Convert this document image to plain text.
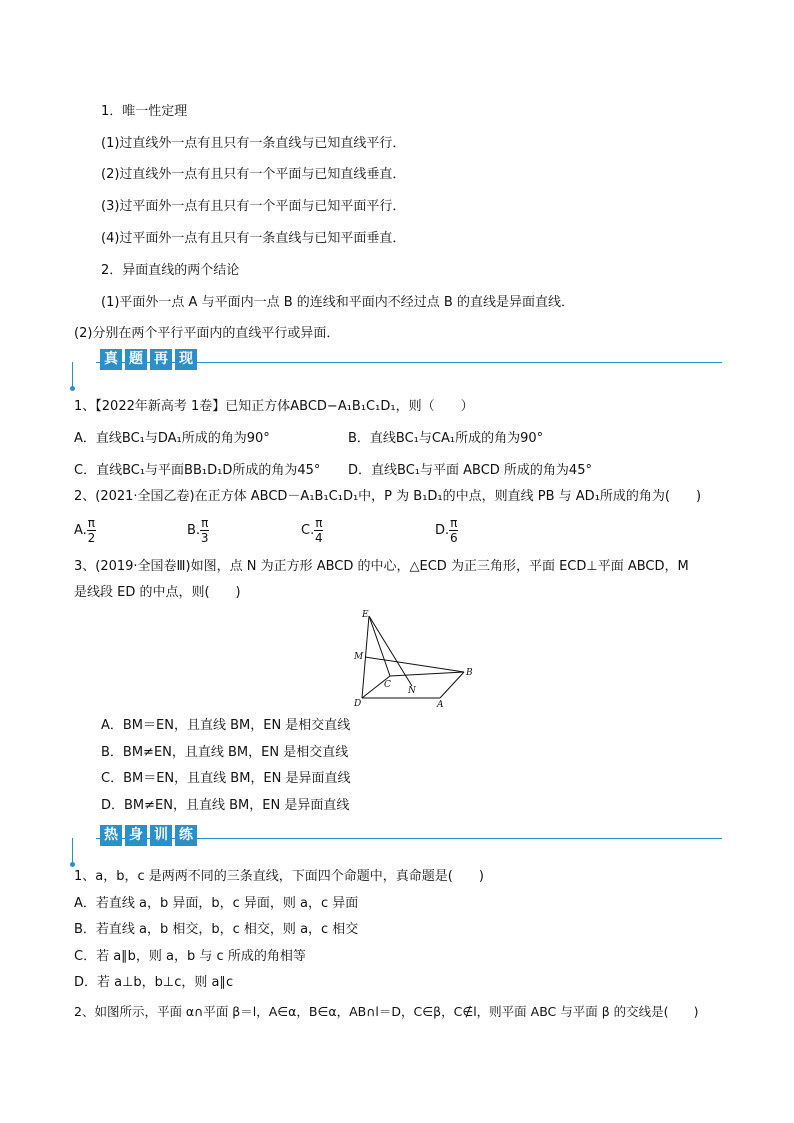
1．唯一性定理
(1)过直线外一点有且只有一条直线与已知直线平行．
(2)过直线外一点有且只有一个平面与已知直线垂直．
(3)过平面外一点有且只有一个平面与已知平面平行．
(4)过平面外一点有且只有一条直线与已知平面垂直．
2．异面直线的两个结论
(1)平面外一点 A 与平面内一点 B 的连线和平面内不经过点 B 的直线是异面直线．
(2)分别在两个平行平面内的直线平行或异面．
真 题 再 现
1、【2022年新高考 1卷】已知正方体ABCD−A₁B₁C₁D₁，则（　　）
A．直线BC₁与DA₁所成的角为90°	B．直线BC₁与CA₁所成的角为90°
C．直线BC₁与平面BB₁D₁D所成的角为45° D．直线BC₁与平面 ABCD 所成的角为45°
2、(2021·全国乙卷)在正方体 ABCD－A₁B₁C₁D₁中，P 为 B₁D₁的中点，则直线 PB 与 AD₁所成的角为(　　)
A. $\frac{\pi}{2}$	B. $\frac{\pi}{3}$	C. $\frac{\pi}{4}$	D. $\frac{\pi}{6}$
3、(2019·全国卷Ⅲ)如图，点 N 为正方形 ABCD 的中心，△ECD 为正三角形，平面 ECD⊥平面 ABCD，M
是线段 ED 的中点，则(　　)
E
M
C
N
B
D	A
A．BM＝EN，且直线 BM，EN 是相交直线
B．BM≠EN，且直线 BM，EN 是相交直线
C．BM＝EN，且直线 BM，EN 是异面直线
D．BM≠EN，且直线 BM，EN 是异面直线
热 身 训 练
1、a，b，c 是两两不同的三条直线，下面四个命题中，真命题是(　　)
A．若直线 a，b 异面，b，c 异面，则 a，c 异面
B．若直线 a，b 相交，b，c 相交，则 a，c 相交
C．若 a∥b，则 a，b 与 c 所成的角相等
D．若 a⊥b，b⊥c，则 a∥c
2、如图所示，平面 α∩平面 β＝l，A∈α，B∈α，AB∩l＝D，C∈β，C∉l，则平面 ABC 与平面 β 的交线是(　　)
